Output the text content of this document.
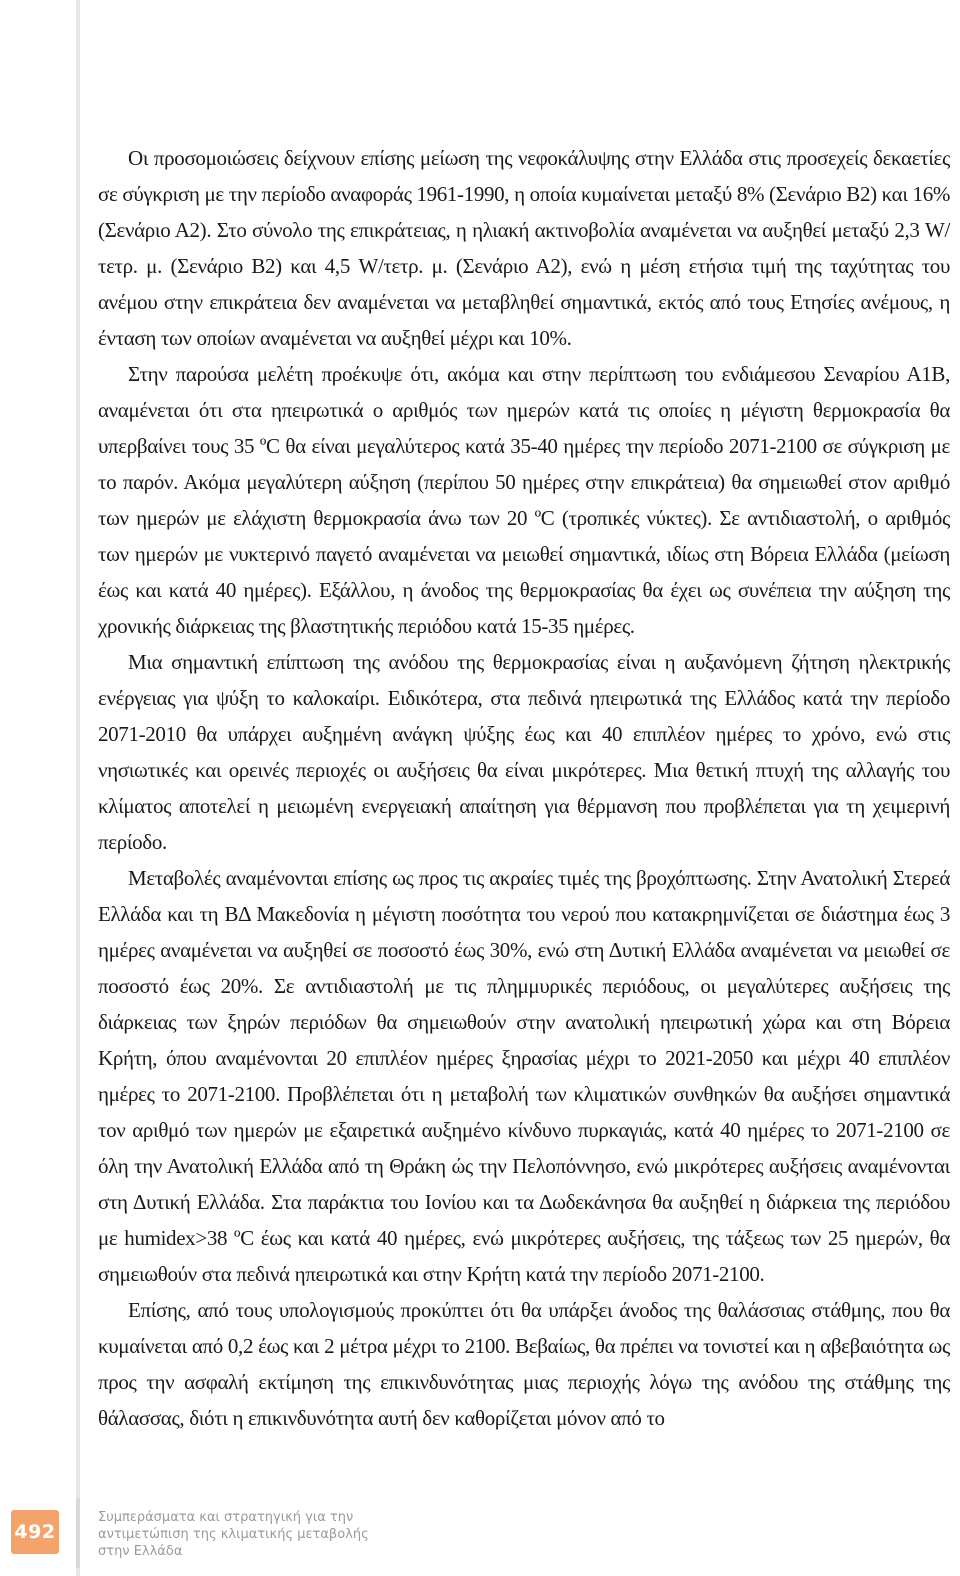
Οι προσομοιώσεις δείχνουν επίσης μείωση της νεφοκάλυψης στην Ελλάδα στις προσεχείς δεκαετίες σε σύγκριση με την περίοδο αναφοράς 1961-1990, η οποία κυμαίνεται μεταξύ 8% (Σενάριο Β2) και 16% (Σενάριο Α2). Στο σύνολο της επικράτειας, η ηλιακή ακτινοβολία αναμένεται να αυξηθεί μεταξύ 2,3 W/τετρ. μ. (Σενάριο Β2) και 4,5 W/τετρ. μ. (Σενάριο Α2), ενώ η μέση ετήσια τιμή της ταχύτητας του ανέμου στην επικράτεια δεν αναμένεται να μεταβληθεί σημαντικά, εκτός από τους Ετησίες ανέμους, η ένταση των οποίων αναμένεται να αυξηθεί μέχρι και 10%.

Στην παρούσα μελέτη προέκυψε ότι, ακόμα και στην περίπτωση του ενδιάμεσου Σεναρίου Α1Β, αναμένεται ότι στα ηπειρωτικά ο αριθμός των ημερών κατά τις οποίες η μέγιστη θερμοκρασία θα υπερβαίνει τους 35 ºC θα είναι μεγαλύτερος κατά 35-40 ημέρες την περίοδο 2071-2100 σε σύγκριση με το παρόν. Ακόμα μεγαλύτερη αύξηση (περίπου 50 ημέρες στην επικράτεια) θα σημειωθεί στον αριθμό των ημερών με ελάχιστη θερμοκρασία άνω των 20 ºC (τροπικές νύκτες). Σε αντιδιαστολή, ο αριθμός των ημερών με νυκτερινό παγετό αναμένεται να μειωθεί σημαντικά, ιδίως στη Βόρεια Ελλάδα (μείωση έως και κατά 40 ημέρες). Εξάλλου, η άνοδος της θερμοκρασίας θα έχει ως συνέπεια την αύξηση της χρονικής διάρκειας της βλαστητικής περιόδου κατά 15-35 ημέρες.

Μια σημαντική επίπτωση της ανόδου της θερμοκρασίας είναι η αυξανόμενη ζήτηση ηλεκτρικής ενέργειας για ψύξη το καλοκαίρι. Ειδικότερα, στα πεδινά ηπειρωτικά της Ελλάδος κατά την περίοδο 2071-2010 θα υπάρχει αυξημένη ανάγκη ψύξης έως και 40 επιπλέον ημέρες το χρόνο, ενώ στις νησιωτικές και ορεινές περιοχές οι αυξήσεις θα είναι μικρότερες. Μια θετική πτυχή της αλλαγής του κλίματος αποτελεί η μειωμένη ενεργειακή απαίτηση για θέρμανση που προβλέπεται για τη χειμερινή περίοδο.

Μεταβολές αναμένονται επίσης ως προς τις ακραίες τιμές της βροχόπτωσης. Στην Ανατολική Στερεά Ελλάδα και τη ΒΔ Μακεδονία η μέγιστη ποσότητα του νερού που κατακρημνίζεται σε διάστημα έως 3 ημέρες αναμένεται να αυξηθεί σε ποσοστό έως 30%, ενώ στη Δυτική Ελλάδα αναμένεται να μειωθεί σε ποσοστό έως 20%. Σε αντιδιαστολή με τις πλημμυρικές περιόδους, οι μεγαλύτερες αυξήσεις της διάρκειας των ξηρών περιόδων θα σημειωθούν στην ανατολική ηπειρωτική χώρα και στη Βόρεια Κρήτη, όπου αναμένονται 20 επιπλέον ημέρες ξηρασίας μέχρι το 2021-2050 και μέχρι 40 επιπλέον ημέρες το 2071-2100. Προβλέπεται ότι η μεταβολή των κλιματικών συνθηκών θα αυξήσει σημαντικά τον αριθμό των ημερών με εξαιρετικά αυξημένο κίνδυνο πυρκαγιάς, κατά 40 ημέρες το 2071-2100 σε όλη την Ανατολική Ελλάδα από τη Θράκη ώς την Πελοπόννησο, ενώ μικρότερες αυξήσεις αναμένονται στη Δυτική Ελλάδα. Στα παράκτια του Ιονίου και τα Δωδεκάνησα θα αυξηθεί η διάρκεια της περιόδου με humidex>38 ºC έως και κατά 40 ημέρες, ενώ μικρότερες αυξήσεις, της τάξεως των 25 ημερών, θα σημειωθούν στα πεδινά ηπειρωτικά και στην Κρήτη κατά την περίοδο 2071-2100.

Επίσης, από τους υπολογισμούς προκύπτει ότι θα υπάρξει άνοδος της θαλάσσιας στάθμης, που θα κυμαίνεται από 0,2 έως και 2 μέτρα μέχρι το 2100. Βεβαίως, θα πρέπει να τονιστεί και η αβεβαιότητα ως προς την ασφαλή εκτίμηση της επικινδυνότητας μιας περιοχής λόγω της ανόδου της στάθμης της θάλασσας, διότι η επικινδυνότητα αυτή δεν καθορίζεται μόνον από το

492
Συμπεράσματα και στρατηγική για την
αντιμετώπιση της κλιματικής μεταβολής
στην Ελλάδα
